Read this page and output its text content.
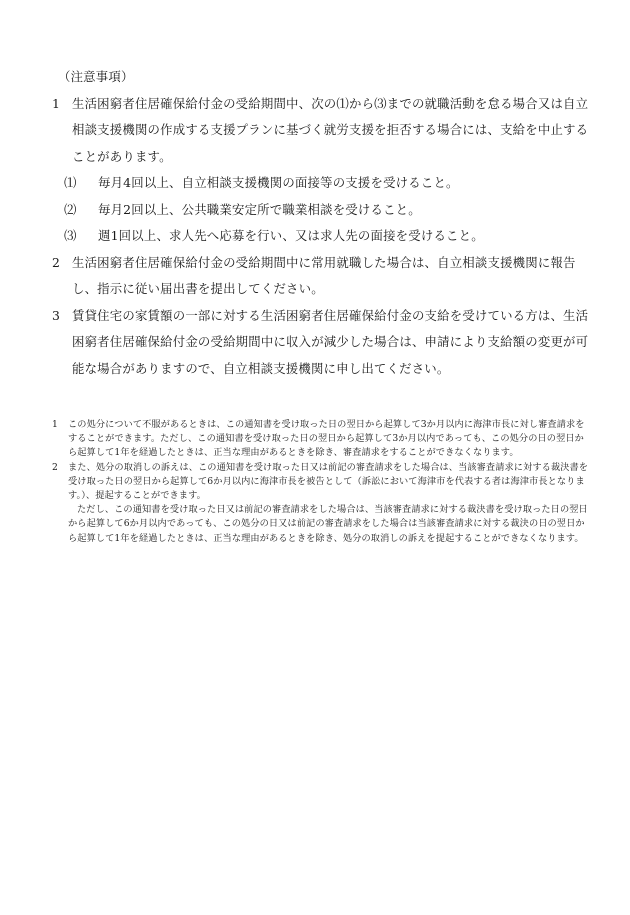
（注意事項）
1 生活困窮者住居確保給付金の受給期間中、次の⑴から⑶までの就職活動を怠る場合又は自立相談支援機関の作成する支援プランに基づく就労支援を拒否する場合には、支給を中止することがあります。
⑴	毎月4回以上、自立相談支援機関の面接等の支援を受けること。
⑵	毎月2回以上、公共職業安定所で職業相談を受けること。
⑶	週1回以上、求人先へ応募を行い、又は求人先の面接を受けること。
2 生活困窮者住居確保給付金の受給期間中に常用就職した場合は、自立相談支援機関に報告し、指示に従い届出書を提出してください。
3 賃貸住宅の家賃額の一部に対する生活困窮者住居確保給付金の支給を受けている方は、生活困窮者住居確保給付金の受給期間中に収入が減少した場合は、申請により支給額の変更が可能な場合がありますので、自立相談支援機関に申し出てください。
1	この処分について不服があるときは、この通知書を受け取った日の翌日から起算して3か月以内に海津市長に対し審査請求をすることができます。ただし、この通知書を受け取った日の翌日から起算して3か月以内であっても、この処分の日の翌日から起算して1年を経過したときは、正当な理由があるときを除き、審査請求をすることができなくなります。
2	また、処分の取消しの訴えは、この通知書を受け取った日又は前記の審査請求をした場合は、当該審査請求に対する裁決書を受け取った日の翌日から起算して6か月以内に海津市長を被告として（訴訟において海津市を代表する者は海津市長となります。）、提起することができます。
ただし、この通知書を受け取った日又は前記の審査請求をした場合は、当該審査請求に対する裁決書を受け取った日の翌日から起算して6か月以内であっても、この処分の日又は前記の審査請求をした場合は当該審査請求に対する裁決の日の翌日から起算して1年を経過したときは、正当な理由があるときを除き、処分の取消しの訴えを提起することができなくなります。
